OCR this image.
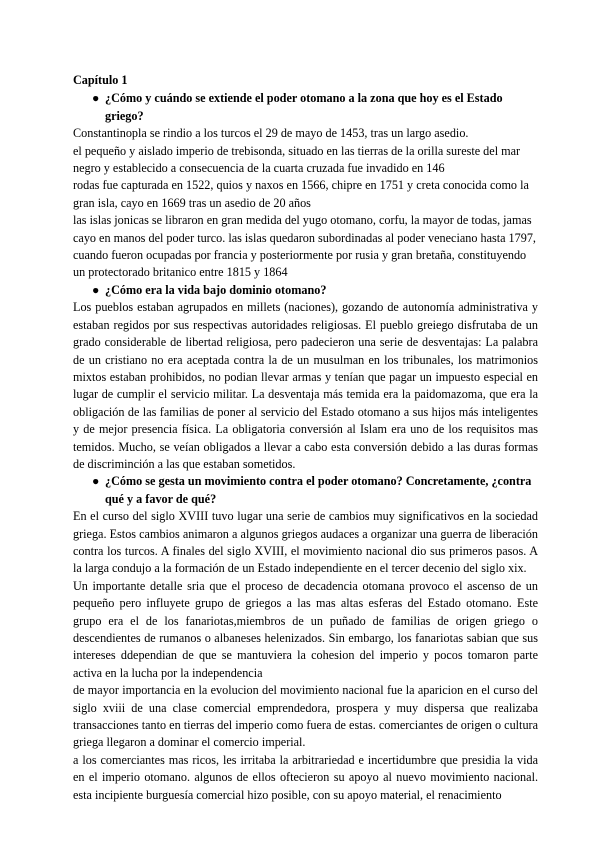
Capítulo 1
● ¿Cómo y cuándo se extiende el poder otomano a la zona que hoy es el Estado griego?

Constantinopla se rindio a los turcos el 29 de mayo de 1453, tras un largo asedio.

el pequeño y aislado imperio de trebisonda, situado en las tierras de la orilla sureste del mar negro y establecido a consecuencia de la cuarta cruzada fue invadido en 146

rodas fue capturada en 1522, quios y naxos en 1566, chipre en 1751 y creta conocida como la gran isla, cayo en 1669 tras un asedio de 20 años

las islas jonicas se libraron en gran medida del yugo otomano, corfu, la mayor de todas, jamas cayo en manos del poder turco. las islas quedaron subordinadas al poder veneciano hasta 1797, cuando fueron ocupadas por francia y posteriormente por rusia y gran bretaña, constituyendo un protectorado britanico entre 1815 y 1864

● ¿Cómo era la vida bajo dominio otomano?

Los pueblos estaban agrupados en millets (naciones), gozando de autonomía administrativa y estaban regidos por sus respectivas autoridades religiosas. El pueblo greiego disfrutaba de un grado considerable de libertad religiosa, pero padecieron una serie de desventajas: La palabra de un cristiano no era aceptada contra la de un musulman en los tribunales, los matrimonios mixtos estaban prohibidos, no podian llevar armas y tenían que pagar un impuesto especial en lugar de cumplir el servicio militar. La desventaja más temida era la paidomazoma, que era la obligación de las familias de poner al servicio del Estado otomano a sus hijos más inteligentes y de mejor presencia física. La obligatoria conversión al Islam era uno de los requisitos mas temidos. Mucho, se veían obligados a llevar a cabo esta conversión debido a las duras formas de discriminción a las que estaban sometidos.

● ¿Cómo se gesta un movimiento contra el poder otomano? Concretamente, ¿contra qué y a favor de qué?

En el curso del siglo XVIII tuvo lugar una serie de cambios muy significativos en la sociedad griega. Estos cambios animaron a algunos griegos audaces a organizar una guerra de liberación contra los turcos. A finales del siglo XVIII, el movimiento nacional dio sus primeros pasos. A la larga condujo a la formación de un Estado independiente en el tercer decenio del siglo xix.

Un importante detalle sria que el proceso de decadencia otomana provoco el ascenso de un pequeño pero influyete grupo de griegos a las mas altas esferas del Estado otomano. Este grupo era el de los fanariotas,miembros de un puñado de familias de origen griego o descendientes de rumanos o albaneses helenizados. Sin embargo, los fanariotas sabian que sus intereses ddependian de que se mantuviera la cohesion del imperio y pocos tomaron parte activa en la lucha por la independencia

de mayor importancia en la evolucion del movimiento nacional fue la aparicion en el curso del siglo xviii de una clase comercial emprendedora, prospera y muy dispersa que realizaba transacciones tanto en tierras del imperio como fuera de estas. comerciantes de origen o cultura griega llegaron a dominar el comercio imperial.

a los comerciantes mas ricos, les irritaba la arbitrariedad e incertidumbre que presidia la vida en el imperio otomano. algunos de ellos oftecieron su apoyo al nuevo movimiento nacional. esta incipiente burguesía comercial hizo posible, con su apoyo material, el renacimiento
